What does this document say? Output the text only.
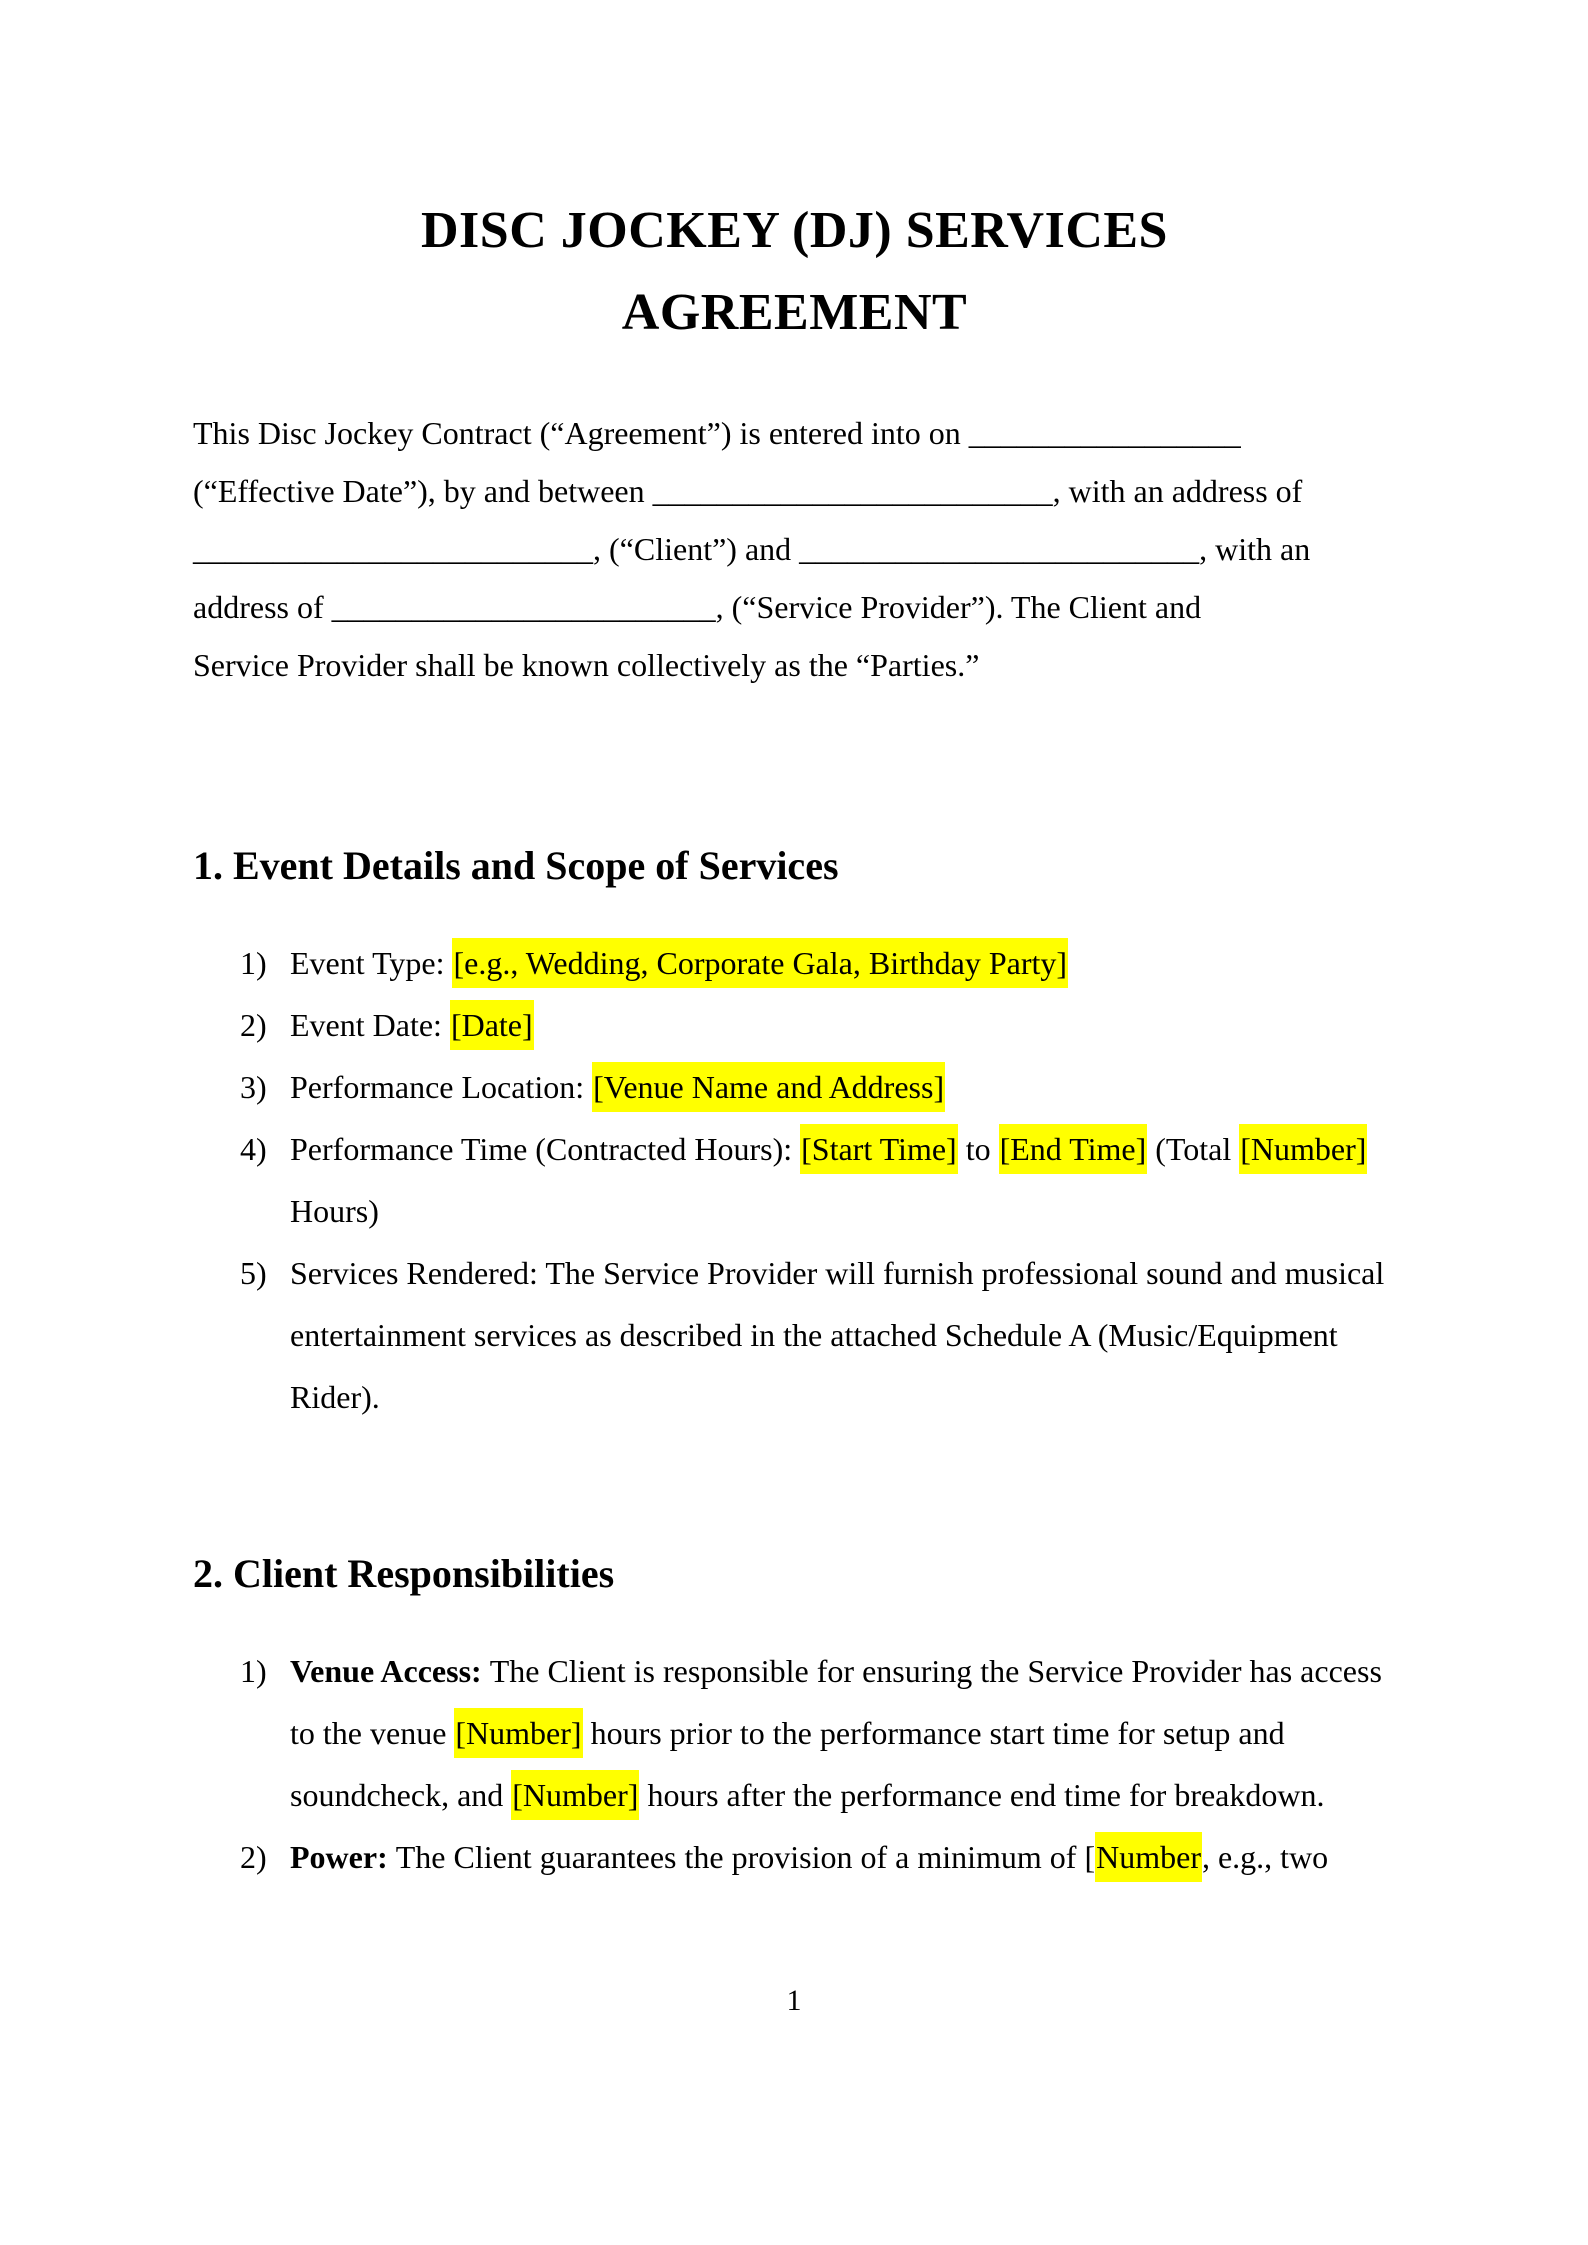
DISC JOCKEY (DJ) SERVICES
AGREEMENT
This Disc Jockey Contract (“Agreement”) is entered into on _________________
(“Effective Date”), by and between _________________________, with an address of
_________________________, (“Client”) and _________________________, with an
address of ________________________, (“Service Provider”). The Client and
Service Provider shall be known collectively as the “Parties.”
1. Event Details and Scope of Services
1) Event Type: [e.g., Wedding, Corporate Gala, Birthday Party]
2) Event Date: [Date]
3) Performance Location: [Venue Name and Address]
4) Performance Time (Contracted Hours): [Start Time] to [End Time] (Total [Number] Hours)
5) Services Rendered: The Service Provider will furnish professional sound and musical entertainment services as described in the attached Schedule A (Music/Equipment Rider).
2. Client Responsibilities
1) Venue Access: The Client is responsible for ensuring the Service Provider has access to the venue [Number] hours prior to the performance start time for setup and soundcheck, and [Number] hours after the performance end time for breakdown.
2) Power: The Client guarantees the provision of a minimum of [Number, e.g., two
1
